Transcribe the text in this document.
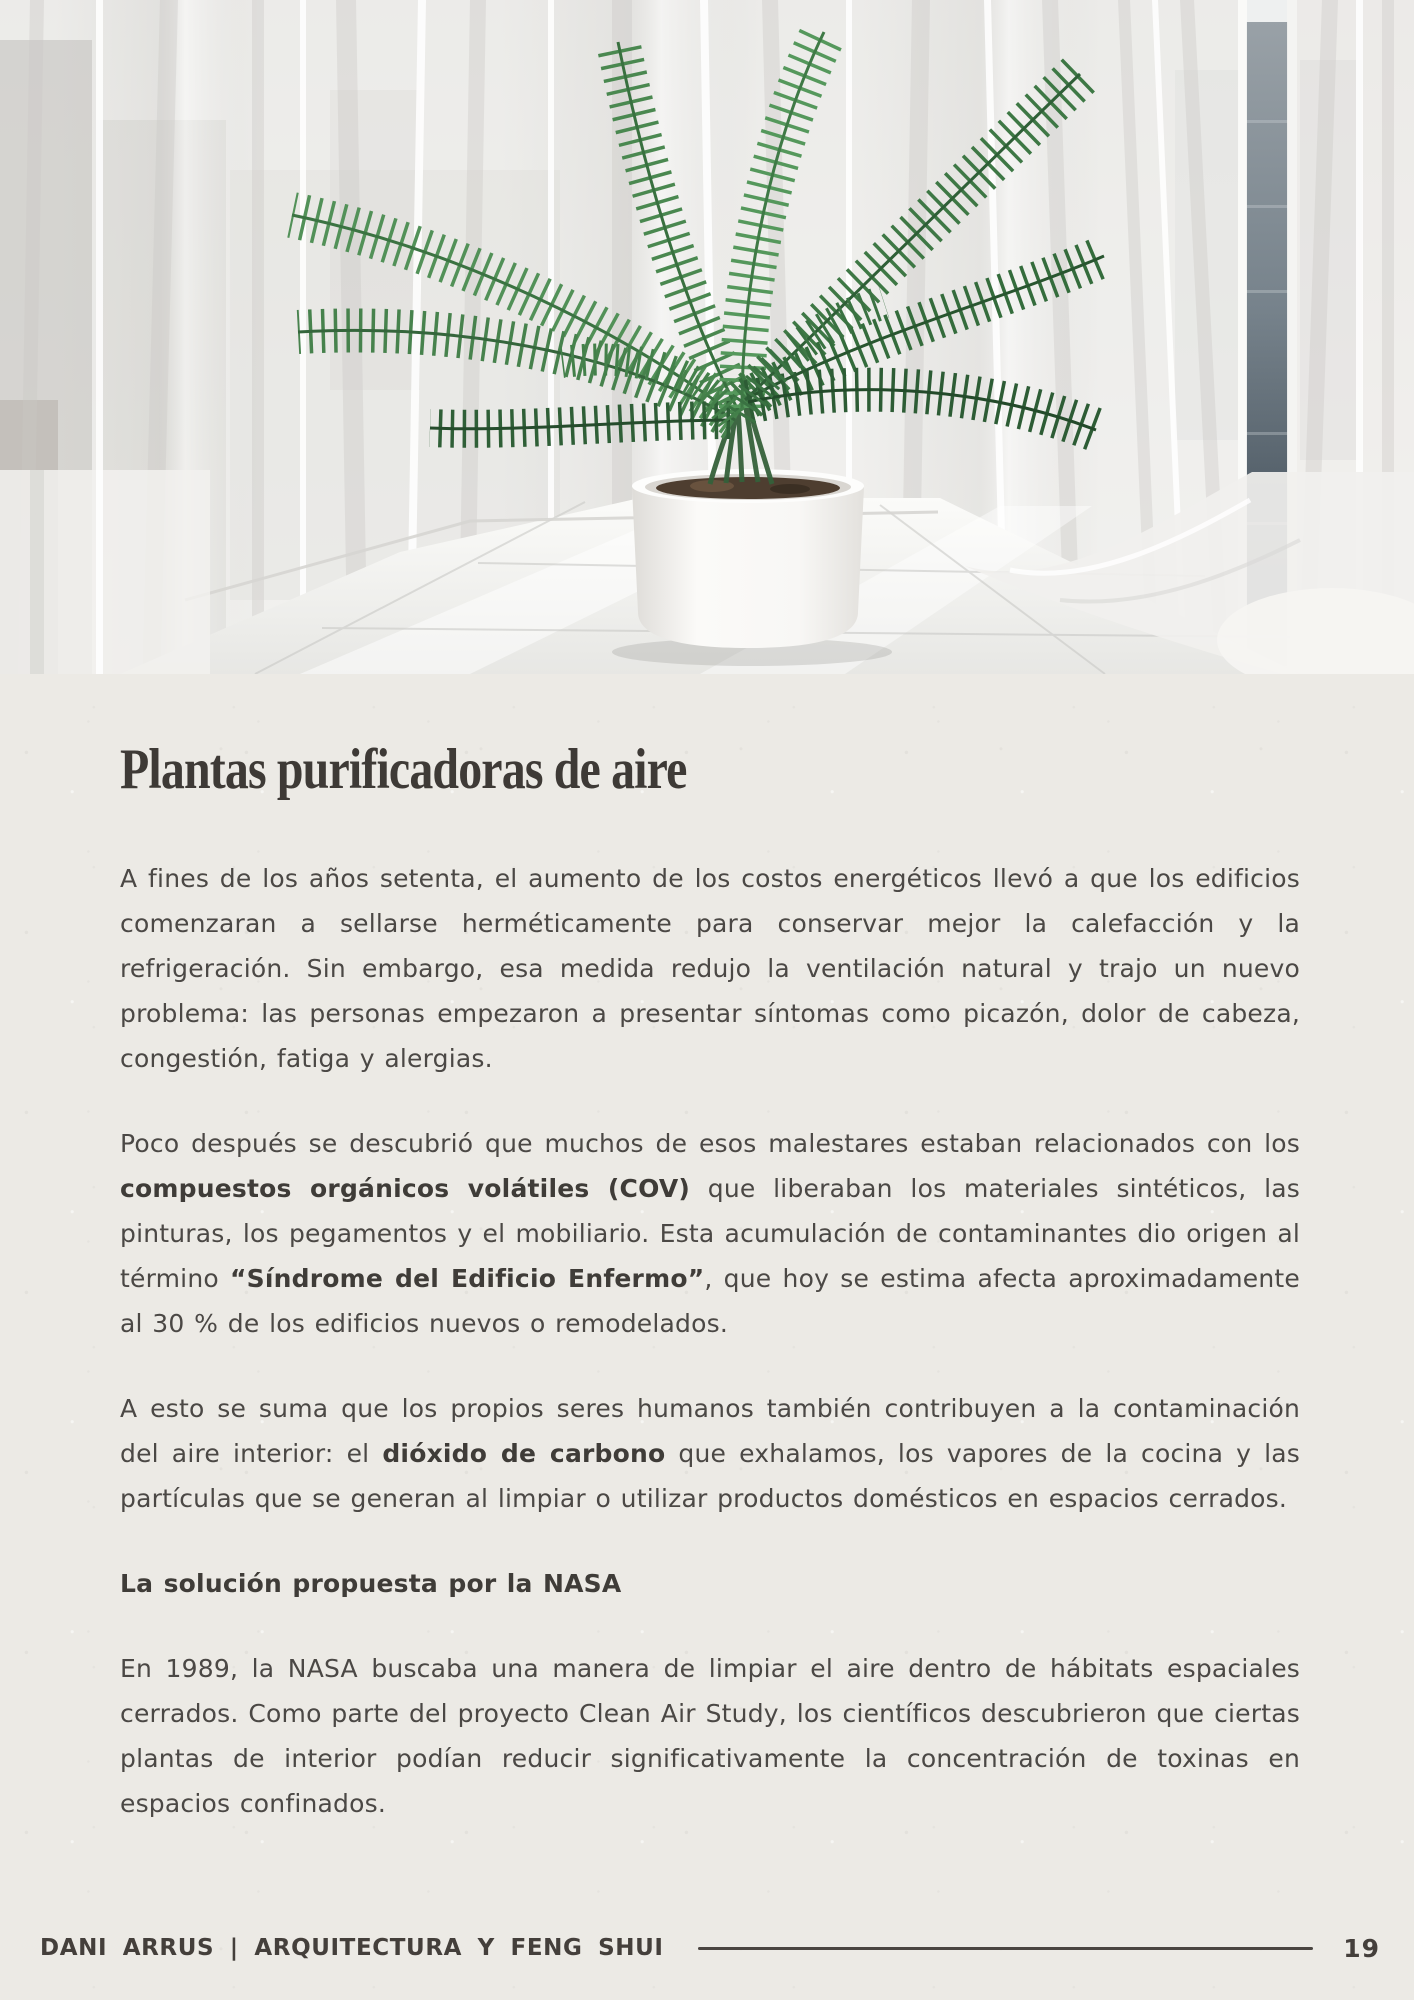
Plantas purificadoras de aire

A fines de los años setenta, el aumento de los costos energéticos llevó a que los edificios comenzaran a sellarse herméticamente para conservar mejor la calefacción y la refrigeración. Sin embargo, esa medida redujo la ventilación natural y trajo un nuevo problema: las personas empezaron a presentar síntomas como picazón, dolor de cabeza, congestión, fatiga y alergias.

Poco después se descubrió que muchos de esos malestares estaban relacionados con los compuestos orgánicos volátiles (COV) que liberaban los materiales sintéticos, las pinturas, los pegamentos y el mobiliario. Esta acumulación de contaminantes dio origen al término “Síndrome del Edificio Enfermo”, que hoy se estima afecta aproximadamente al 30 % de los edificios nuevos o remodelados.

A esto se suma que los propios seres humanos también contribuyen a la contaminación del aire interior: el dióxido de carbono que exhalamos, los vapores de la cocina y las partículas que se generan al limpiar o utilizar productos domésticos en espacios cerrados.

La solución propuesta por la NASA

En 1989, la NASA buscaba una manera de limpiar el aire dentro de hábitats espaciales cerrados. Como parte del proyecto Clean Air Study, los científicos descubrieron que ciertas plantas de interior podían reducir significativamente la concentración de toxinas en espacios confinados.

DANI ARRUS | ARQUITECTURA Y FENG SHUI	19
